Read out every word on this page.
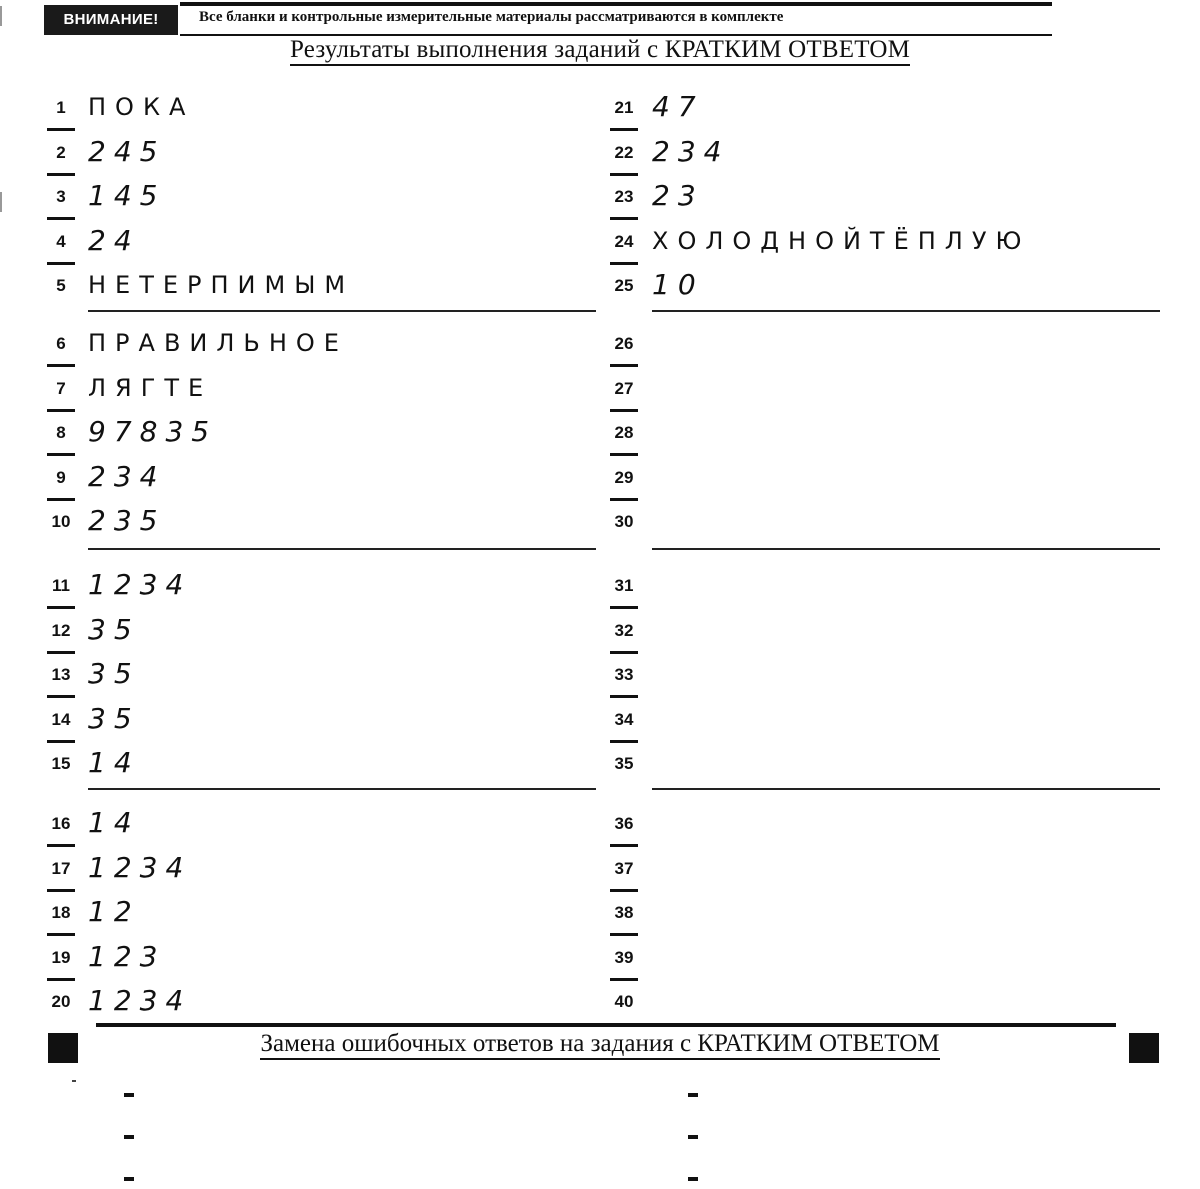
ВНИМАНИЕ!	Все бланки и контрольные измерительные материалы рассматриваются в комплекте
Результаты выполнения заданий с КРАТКИМ ОТВЕТОМ
1 ПОКА
2 245
3 145
4 24
5 НЕТЕРПИМЫМ
6 ПРАВИЛЬНОЕ
7 ЛЯГТЕ
8 97835
9 234
10 235
11 1234
12 35
13 35
14 35
15 14
16 14
17 1234
18 12
19 123
20 1234
21 47
22 234
23 23
24 ХОЛОДНОЙТЁПЛУЮ
25 10
26
27
28
29
30
31
32
33
34
35
36
37
38
39
40
Замена ошибочных ответов на задания с КРАТКИМ ОТВЕТОМ
